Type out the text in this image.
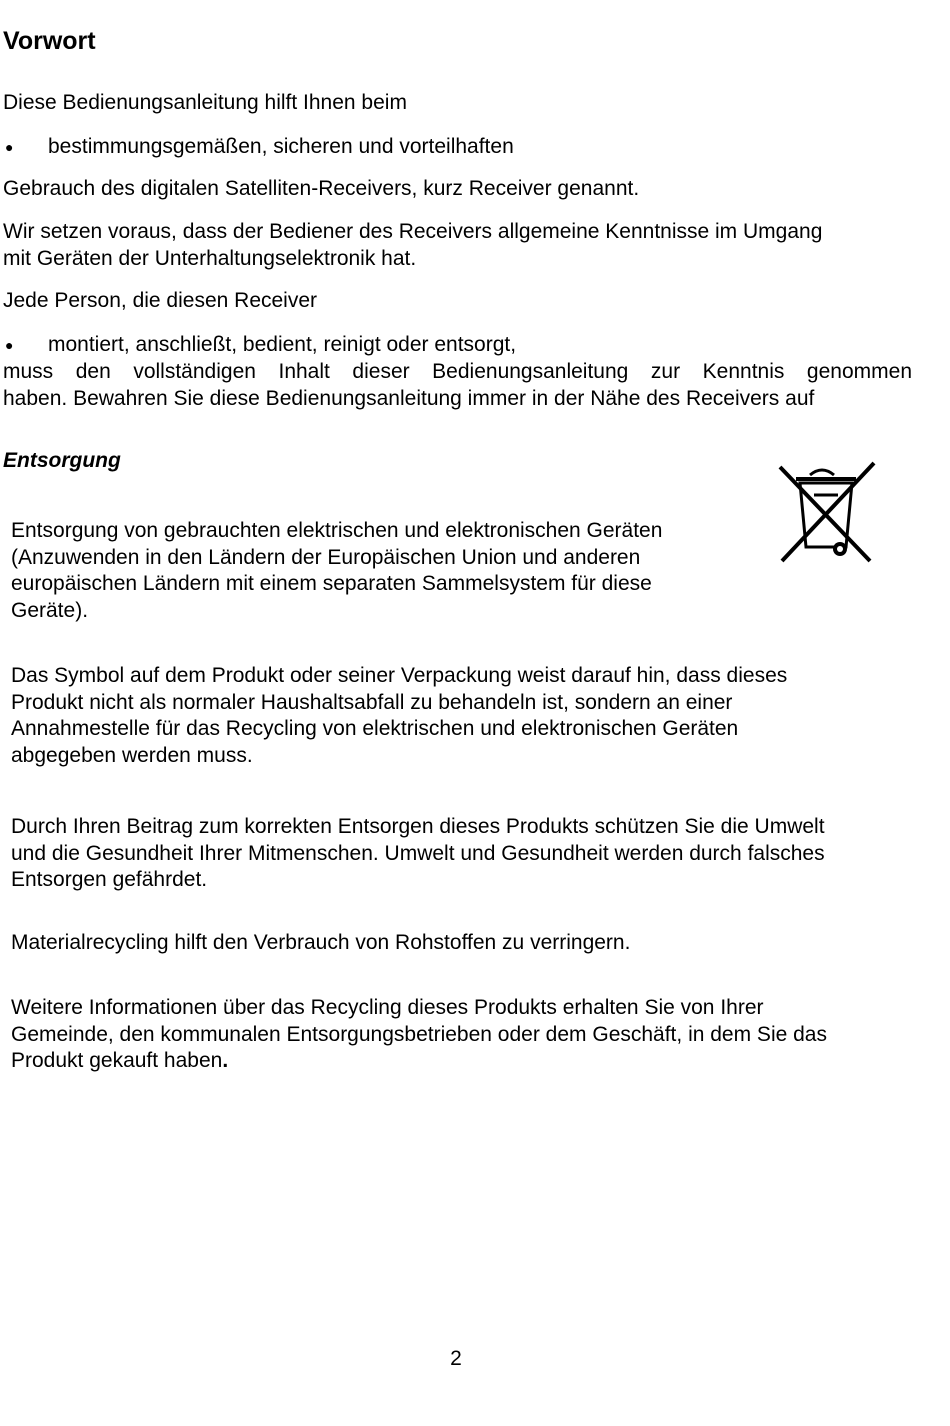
Vorwort
Diese Bedienungsanleitung hilft Ihnen beim
● bestimmungsgemäßen, sicheren und vorteilhaften
Gebrauch des digitalen Satelliten-Receivers, kurz Receiver genannt.
Wir setzen voraus, dass der Bediener des Receivers allgemeine Kenntnisse im Umgang
mit Geräten der Unterhaltungselektronik hat.
Jede Person, die diesen Receiver
● montiert, anschließt, bedient, reinigt oder entsorgt,
muss den vollständigen Inhalt dieser Bedienungsanleitung zur Kenntnis genommen
haben. Bewahren Sie diese Bedienungsanleitung immer in der Nähe des Receivers auf
Entsorgung
Entsorgung von gebrauchten elektrischen und elektronischen Geräten
(Anzuwenden in den Ländern der Europäischen Union und anderen
europäischen Ländern mit einem separaten Sammelsystem für diese
Geräte).
Das Symbol auf dem Produkt oder seiner Verpackung weist darauf hin, dass dieses
Produkt nicht als normaler Haushaltsabfall zu behandeln ist, sondern an einer
Annahmestelle für das Recycling von elektrischen und elektronischen Geräten
abgegeben werden muss.
Durch Ihren Beitrag zum korrekten Entsorgen dieses Produkts schützen Sie die Umwelt
und die Gesundheit Ihrer Mitmenschen. Umwelt und Gesundheit werden durch falsches
Entsorgen gefährdet.
Materialrecycling hilft den Verbrauch von Rohstoffen zu verringern.
Weitere Informationen über das Recycling dieses Produkts erhalten Sie von Ihrer
Gemeinde, den kommunalen Entsorgungsbetrieben oder dem Geschäft, in dem Sie das
Produkt gekauft haben.
2
